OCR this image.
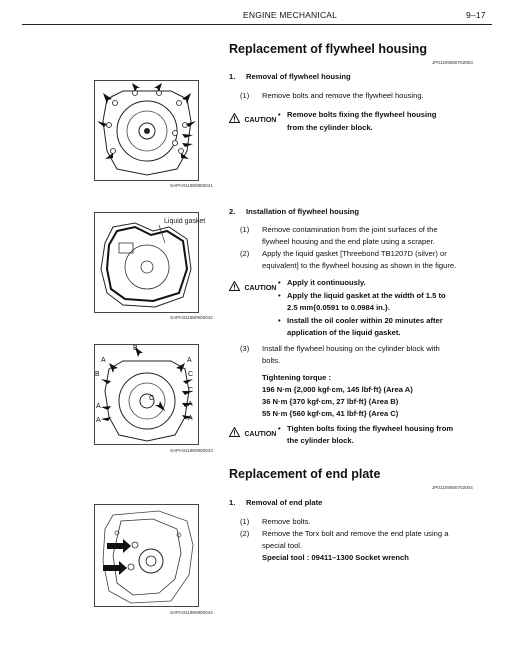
ENGINE MECHANICAL	9–17
Replacement of flywheel housing
JP01109080702003
SAPH311980900041
1. Removal of flywheel housing
(1) Remove bolts and remove the flywheel housing.
CAUTION
• Remove bolts fixing the flywheel housing
from the cylinder block.
Liquid gasket
SAPH311980900042
2. Installation of flywheel housing
(1) Remove contamination from the joint surfaces of the
flywheel housing and the end plate using a scraper.
(2) Apply the liquid gasket [Threebond TB1207D (silver) or
equivalent] to the flywheel housing as shown in the figure.
CAUTION
• Apply it continuously.
• Apply the liquid gasket at the width of 1.5 to
2.5 mm{0.0591 to 0.0984 in.}.
• Install the oil cooler within 20 minutes after
application of the liquid gasket.
B
A	A
B	C
C
C
A
A
A	A
SAPH311980900043
(3) Install the flywheel housing on the cylinder block with
bolts.
Tightening torque :
196 N·m {2,000 kgf·cm, 145 lbf·ft} (Area A)
36 N·m {370 kgf·cm, 27 lbf·ft} (Area B)
55 N·m {560 kgf·cm, 41 lbf·ft} (Area C)
CAUTION
• Tighten bolts fixing the flywheel housing from
the cylinder block.
Replacement of end plate
JP01109080702004
1. Removal of end plate
(1) Remove bolts.
(2) Remove the Torx bolt and remove the end plate using a
special tool.
Special tool : 09411–1300 Socket wrench
SAPH311980900044
